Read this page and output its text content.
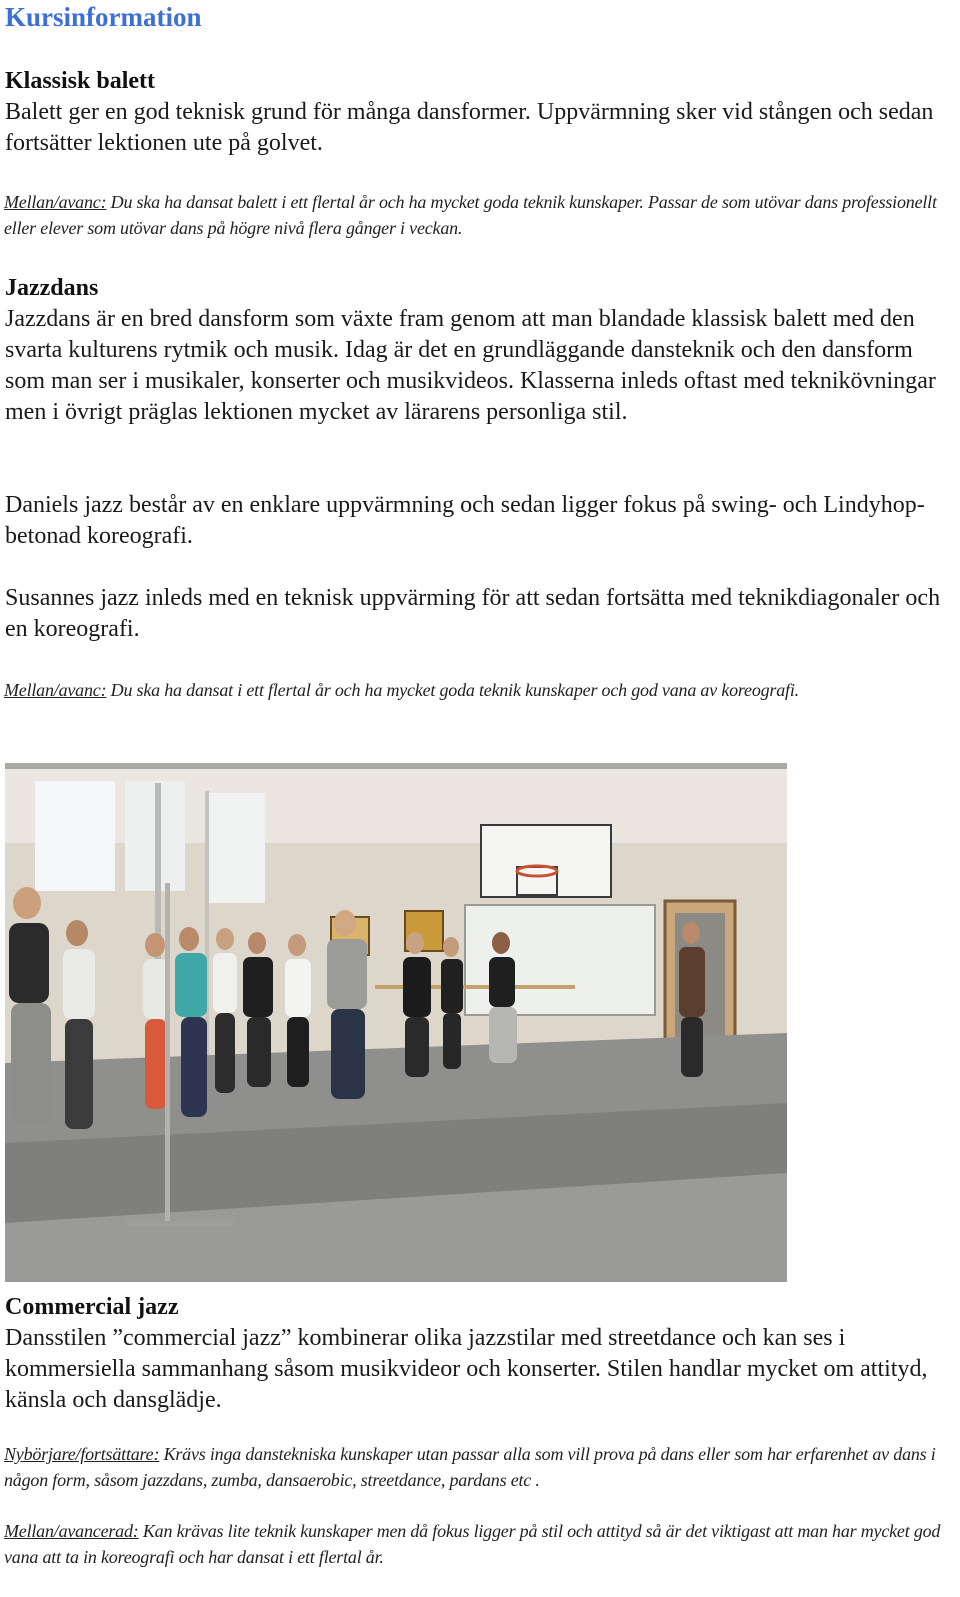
Kursinformation
Klassisk balett

Balett ger en god teknisk grund för många dansformer. Uppvärmning sker vid stången och sedan fortsätter lektionen ute på golvet.

Mellan/avanc: Du ska ha dansat balett i ett flertal år och ha mycket goda teknik kunskaper. Passar de som utövar dans professionellt eller elever som utövar dans på högre nivå flera gånger i veckan.

Jazzdans

Jazzdans är en bred dansform som växte fram genom att man blandade klassisk balett med den svarta kulturens rytmik och musik. Idag är det en grundläggande dansteknik och den dansform som man ser i musikaler, konserter och musikvideos. Klasserna inleds oftast med teknikövningar men i övrigt präglas lektionen mycket av lärarens personliga stil.

Daniels jazz består av en enklare uppvärmning och sedan ligger fokus på swing- och Lindyhop-betonad koreografi.

Susannes jazz inleds med en teknisk uppvärming för att sedan fortsätta med teknikdiagonaler och en koreografi.

Mellan/avanc: Du ska ha dansat i ett flertal år och ha mycket goda teknik kunskaper och god vana av koreografi.

Commercial jazz

Dansstilen ”commercial jazz” kombinerar olika jazzstilar med streetdance och kan ses i kommersiella sammanhang såsom musikvideor och konserter. Stilen handlar mycket om attityd, känsla och dansglädje.

Nybörjare/fortsättare: Krävs inga danstekniska kunskaper utan passar alla som vill prova på dans eller som har erfarenhet av dans i någon form, såsom jazzdans, zumba, dansaerobic, streetdance, pardans etc .

Mellan/avancerad: Kan krävas lite teknik kunskaper men då fokus ligger på stil och attityd så är det viktigast att man har mycket god vana att ta in koreografi och har dansat i ett flertal år.
